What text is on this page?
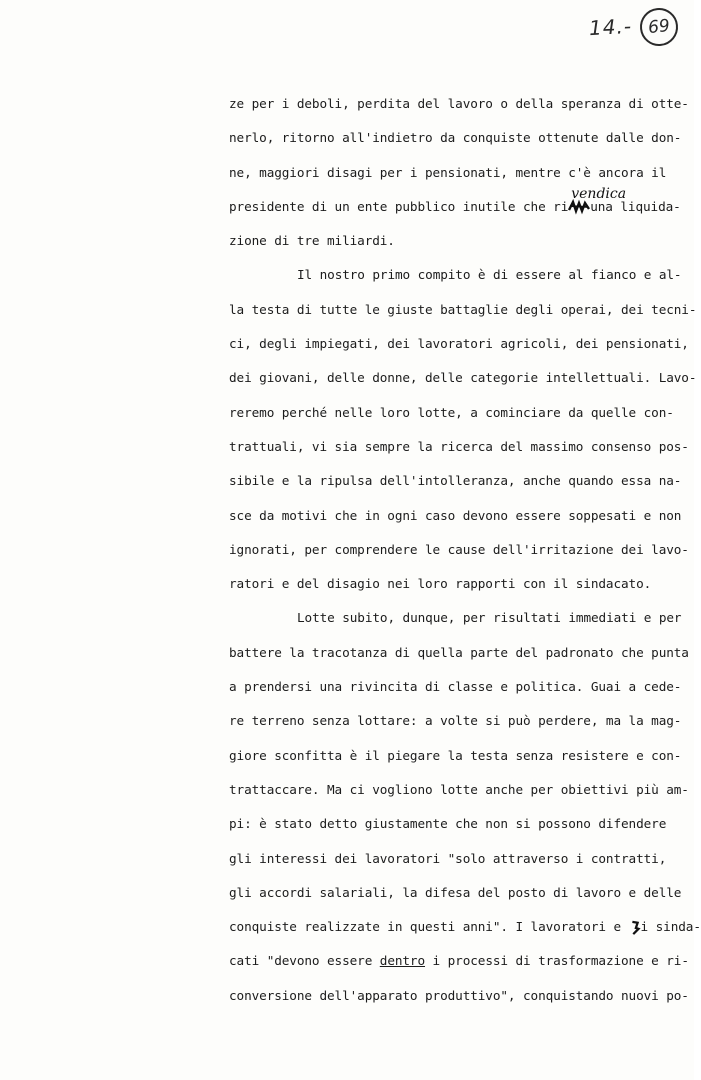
14.- 69
ze per i deboli, perdita del lavoro o della speranza di otte-
nerlo, ritorno all'indietro da conquiste ottenute dalle don-
ne, maggiori disagi per i pensionati, mentre c'è ancora il
presidente di un ente pubblico inutile che ri
vendica
una liquida-
zione di tre miliardi.
Il nostro primo compito è di essere al fianco e al-
la testa di tutte le giuste battaglie degli operai, dei tecni-
ci, degli impiegati, dei lavoratori agricoli, dei pensionati,
dei giovani, delle donne, delle categorie intellettuali. Lavo-
reremo perché nelle loro lotte, a cominciare da quelle con-
trattuali, vi sia sempre la ricerca del massimo consenso pos-
sibile e la ripulsa dell'intolleranza, anche quando essa na-
sce da motivi che in ogni caso devono essere soppesati e non
ignorati, per comprendere le cause dell'irritazione dei lavo-
ratori e del disagio nei loro rapporti con il sindacato.
Lotte subito, dunque, per risultati immediati e per
battere la tracotanza di quella parte del padronato che punta
a prendersi una rivincita di classe e politica. Guai a cede-
re terreno senza lottare: a volte si può perdere, ma la mag-
giore sconfitta è il piegare la testa senza resistere e con-
trattaccare. Ma ci vogliono lotte anche per obiettivi più am-
pi: è stato detto giustamente che non si possono difendere
gli interessi dei lavoratori "solo attraverso i contratti,
gli accordi salariali, la difesa del posto di lavoro e delle
conquiste realizzate in questi anni". I lavoratori e i sinda-
cati "devono essere dentro i processi di trasformazione e ri-
conversione dell'apparato produttivo", conquistando nuovi po-
